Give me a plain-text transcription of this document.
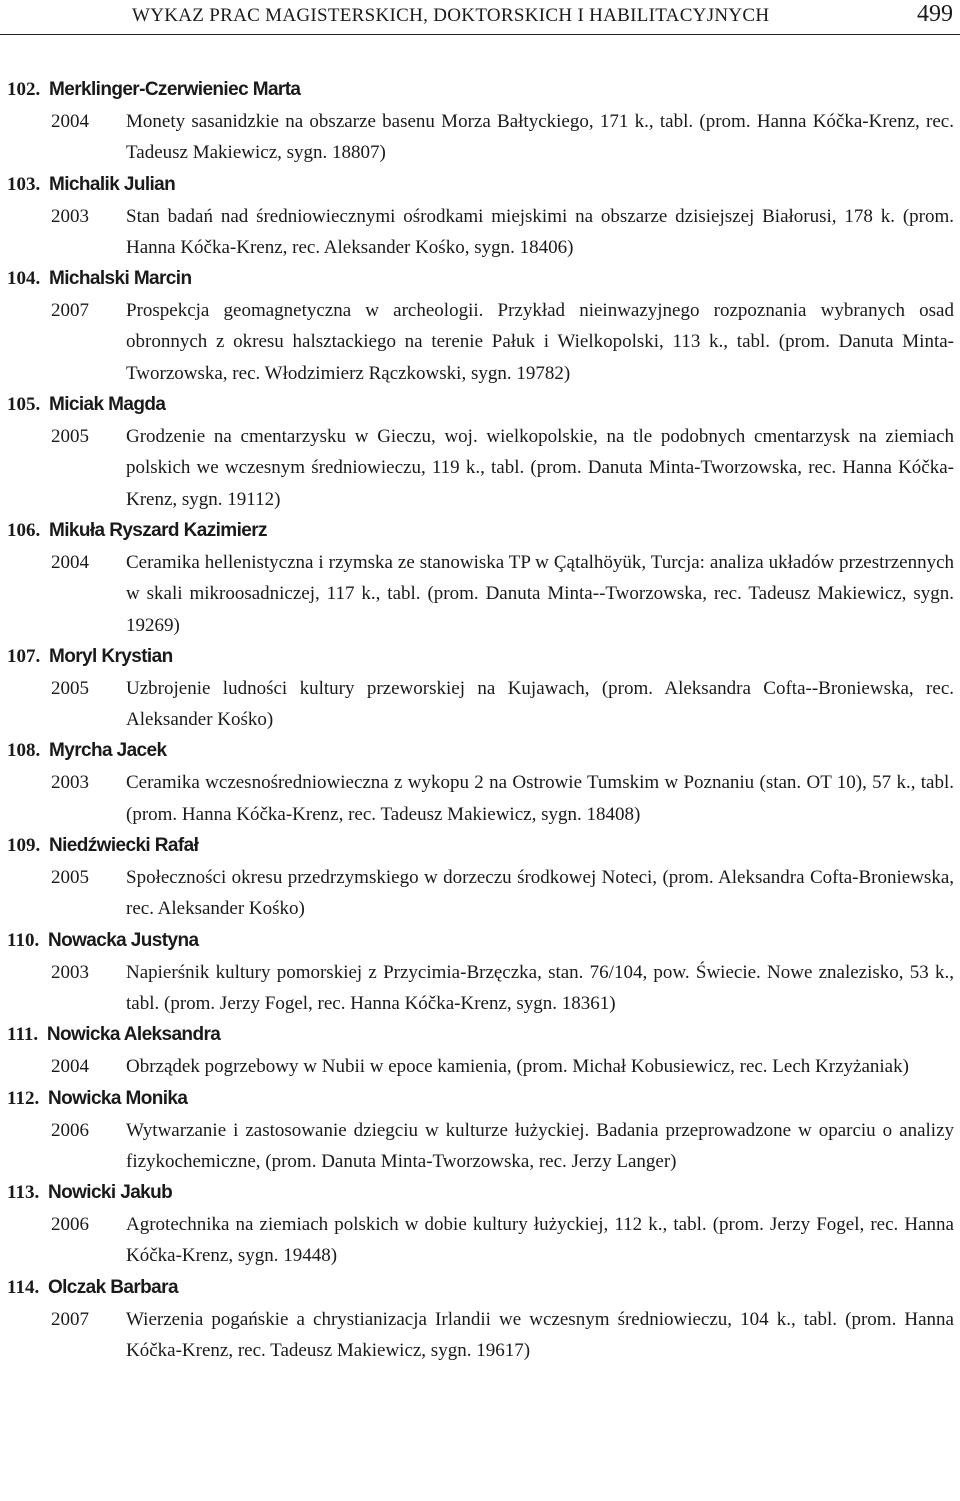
WYKAZ PRAC MAGISTERSKICH, DOKTORSKICH I HABILITACYJNYCH	499
102. Merklinger-Czerwieniec Marta
2004 Monety sasanidzkie na obszarze basenu Morza Bałtyckiego, 171 k., tabl. (prom. Hanna Kóčka-Krenz, rec. Tadeusz Makiewicz, sygn. 18807)
103. Michalik Julian
2003 Stan badań nad średniowiecznymi ośrodkami miejskimi na obszarze dzisiejszej Białorusi, 178 k. (prom. Hanna Kóčka-Krenz, rec. Aleksander Kośko, sygn. 18406)
104. Michalski Marcin
2007 Prospekcja geomagnetyczna w archeologii. Przykład nieinwazyjnego rozpoznania wybranych osad obronnych z okresu halsztackiego na terenie Pałuk i Wielkopolski, 113 k., tabl. (prom. Danuta Minta-Tworzowska, rec. Włodzimierz Rączkowski, sygn. 19782)
105. Miciak Magda
2005 Grodzenie na cmentarzysku w Gieczu, woj. wielkopolskie, na tle podobnych cmentarzysk na ziemiach polskich we wczesnym średniowieczu, 119 k., tabl. (prom. Danuta Minta-Tworzowska, rec. Hanna Kóčka-Krenz, sygn. 19112)
106. Mikuła Ryszard Kazimierz
2004 Ceramika hellenistyczna i rzymska ze stanowiska TP w Çątalhöyük, Turcja: analiza układów przestrzennych w skali mikroosadniczej, 117 k., tabl. (prom. Danuta Minta--Tworzowska, rec. Tadeusz Makiewicz, sygn. 19269)
107. Moryl Krystian
2005 Uzbrojenie ludności kultury przeworskiej na Kujawach, (prom. Aleksandra Cofta--Broniewska, rec. Aleksander Kośko)
108. Myrcha Jacek
2003 Ceramika wczesnośredniowieczna z wykopu 2 na Ostrowie Tumskim w Poznaniu (stan. OT 10), 57 k., tabl. (prom. Hanna Kóčka-Krenz, rec. Tadeusz Makiewicz, sygn. 18408)
109. Niedźwiecki Rafał
2005 Społeczności okresu przedrzymskiego w dorzeczu środkowej Noteci, (prom. Aleksandra Cofta-Broniewska, rec. Aleksander Kośko)
110. Nowacka Justyna
2003 Napierśnik kultury pomorskiej z Przycimia-Brzęczka, stan. 76/104, pow. Świecie. Nowe znalezisko, 53 k., tabl. (prom. Jerzy Fogel, rec. Hanna Kóčka-Krenz, sygn. 18361)
111. Nowicka Aleksandra
2004 Obrządek pogrzebowy w Nubii w epoce kamienia, (prom. Michał Kobusiewicz, rec. Lech Krzyżaniak)
112. Nowicka Monika
2006 Wytwarzanie i zastosowanie dziegciu w kulturze łużyckiej. Badania przeprowadzone w oparciu o analizy fizykochemiczne, (prom. Danuta Minta-Tworzowska, rec. Jerzy Langer)
113. Nowicki Jakub
2006 Agrotechnika na ziemiach polskich w dobie kultury łużyckiej, 112 k., tabl. (prom. Jerzy Fogel, rec. Hanna Kóčka-Krenz, sygn. 19448)
114. Olczak Barbara
2007 Wierzenia pogańskie a chrystianizacja Irlandii we wczesnym średniowieczu, 104 k., tabl. (prom. Hanna Kóčka-Krenz, rec. Tadeusz Makiewicz, sygn. 19617)
